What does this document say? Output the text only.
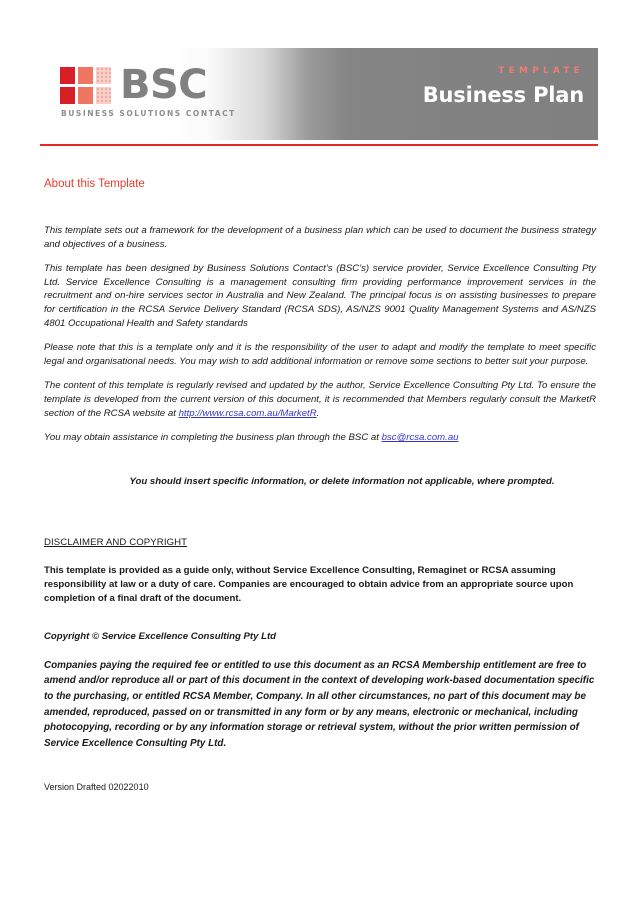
BSC
BUSINESS SOLUTIONS CONTACT
TEMPLATE
Business Plan
About this Template

This template sets out a framework for the development of a business plan which can be used to document the business strategy and objectives of a business.

This template has been designed by Business Solutions Contact’s (BSC’s) service provider, Service Excellence Consulting Pty Ltd. Service Excellence Consulting is a management consulting firm providing performance improvement services in the recruitment and on-hire services sector in Australia and New Zealand. The principal focus is on assisting businesses to prepare for certification in the RCSA Service Delivery Standard (RCSA SDS), AS/NZS 9001 Quality Management Systems and AS/NZS 4801 Occupational Health and Safety standards

Please note that this is a template only and it is the responsibility of the user to adapt and modify the template to meet specific legal and organisational needs. You may wish to add additional information or remove some sections to better suit your purpose.

The content of this template is regularly revised and updated by the author, Service Excellence Consulting Pty Ltd. To ensure the template is developed from the current version of this document, it is recommended that Members regularly consult the MarketR section of the RCSA website at http://www.rcsa.com.au/MarketR.

You may obtain assistance in completing the business plan through the BSC at bsc@rcsa.com.au

You should insert specific information, or delete information not applicable, where prompted.

DISCLAIMER AND COPYRIGHT

This template is provided as a guide only, without Service Excellence Consulting, Remaginet or RCSA assuming responsibility at law or a duty of care. Companies are encouraged to obtain advice from an appropriate source upon completion of a final draft of the document.

Copyright © Service Excellence Consulting Pty Ltd

Companies paying the required fee or entitled to use this document as an RCSA Membership entitlement are free to amend and/or reproduce all or part of this document in the context of developing work-based documentation specific to the purchasing, or entitled RCSA Member, Company. In all other circumstances, no part of this document may be amended, reproduced, passed on or transmitted in any form or by any means, electronic or mechanical, including photocopying, recording or by any information storage or retrieval system, without the prior written permission of Service Excellence Consulting Pty Ltd.

Version Drafted 02022010
